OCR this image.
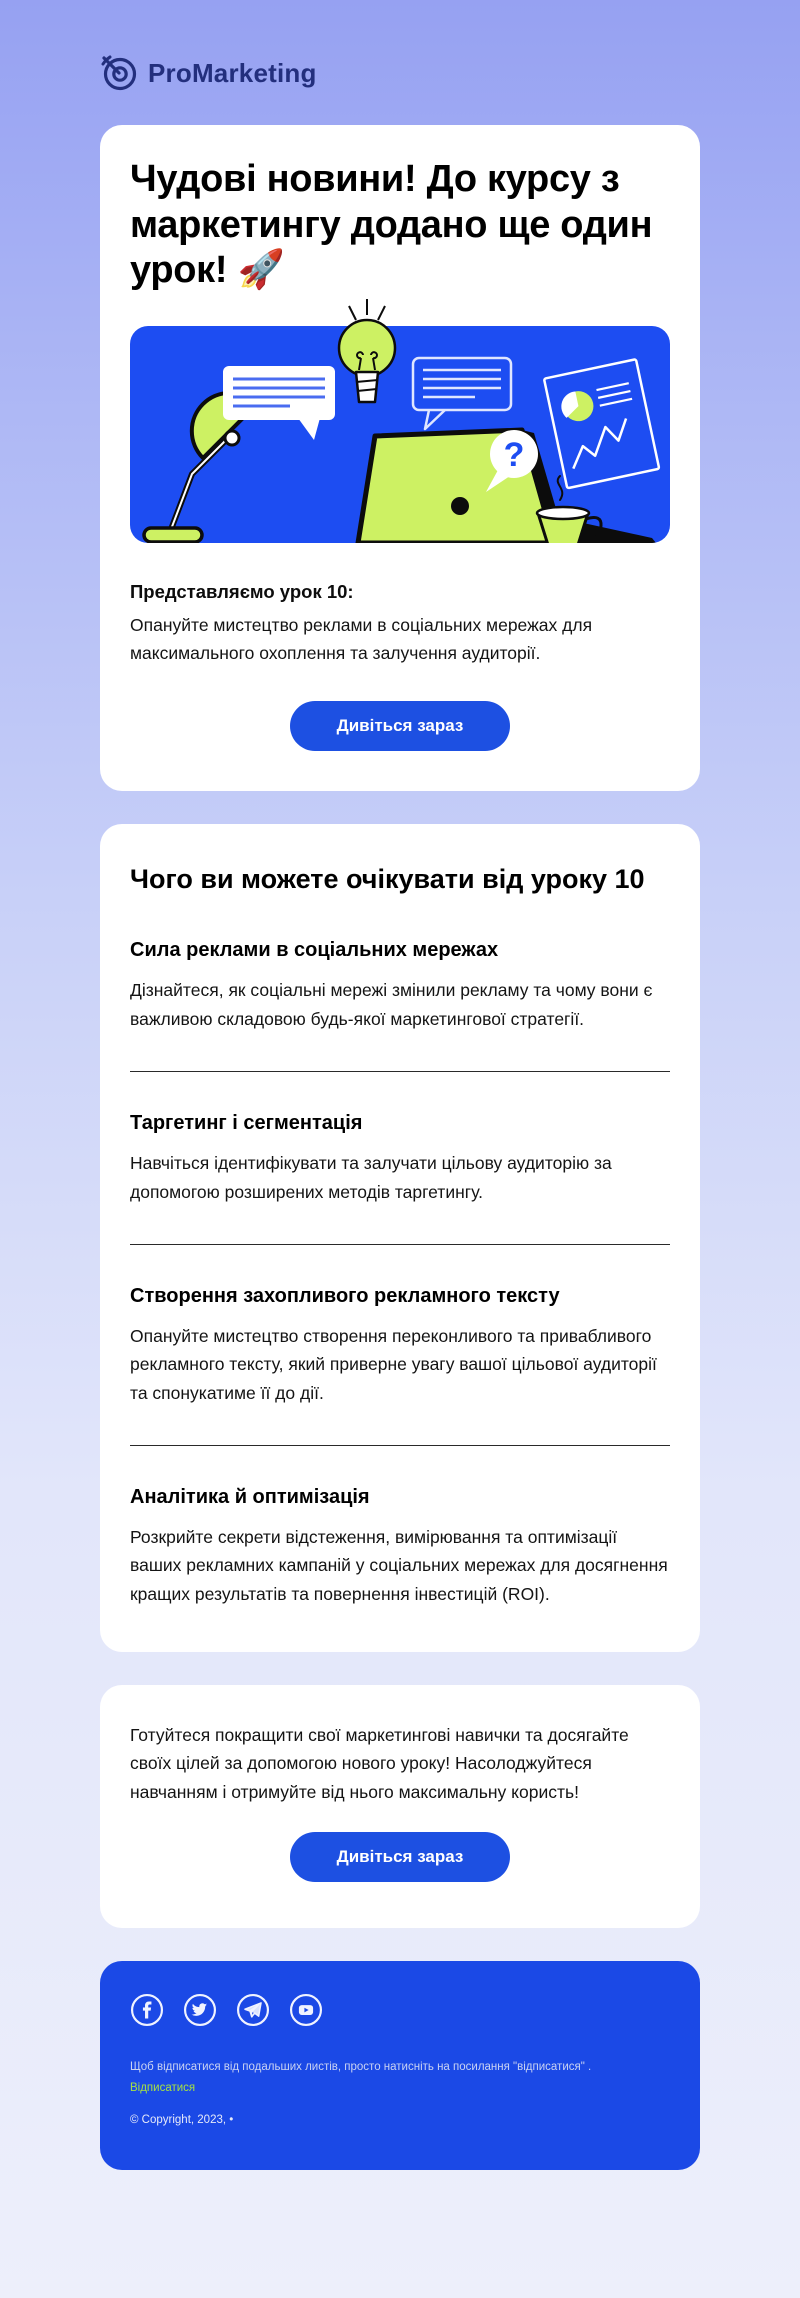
ProMarketing
Чудові новини! До курсу з маркетингу додано ще один урок! 🚀
?

Представляємо урок 10:

Опануйте мистецтво реклами в соціальних мережах для максимального охоплення та залучення аудиторії.

Дивіться зараз
Чого ви можете очікувати від уроку 10
Сила реклами в соціальних мережах

Дізнайтеся, як соціальні мережі змінили рекламу та чому вони є важливою складовою будь-якої маркетингової стратегії.

Таргетинг і сегментація

Навчіться ідентифікувати та залучати цільову аудиторію за допомогою розширених методів таргетингу.

Створення захопливого рекламного тексту

Опануйте мистецтво створення переконливого та привабливого рекламного тексту, який приверне увагу вашої цільової аудиторії та спонукатиме її до дії.

Аналітика й оптимізація

Розкрийте секрети відстеження, вимірювання та оптимізації ваших рекламних кампаній у соціальних мережах для досягнення кращих результатів та повернення інвестицій (ROI).

Готуйтеся покращити свої маркетингові навички та досягайте своїх цілей за допомогою нового уроку! Насолоджуйтеся навчанням і отримуйте від нього максимальну користь!

Дивіться зараз

Щоб відписатися від подальших листів, просто натисніть на посилання "відписатися" .

Відписатися

© Copyright, 2023, •
